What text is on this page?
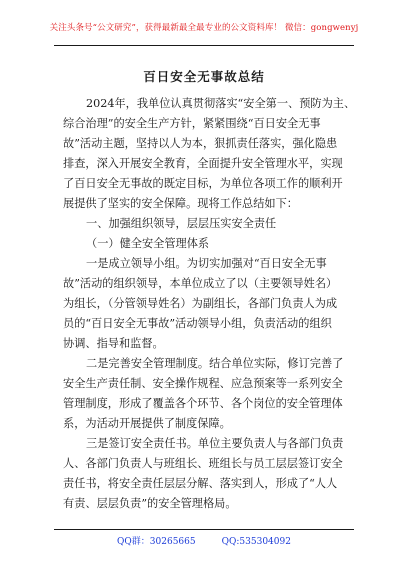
关注头条号“公文研究”，获得最新最全最专业的公文资料库！ 微信：gongwenyj
百日安全无事故总结
2024年，我单位认真贯彻落实“安全第一、预防为主、
综合治理”的安全生产方针，紧紧围绕“百日安全无事
故”活动主题，坚持以人为本，狠抓责任落实，强化隐患
排查，深入开展安全教育，全面提升安全管理水平，实现
了百日安全无事故的既定目标，为单位各项工作的顺利开
展提供了坚实的安全保障。现将工作总结如下：
一、加强组织领导，层层压实安全责任
（一）健全安全管理体系
一是成立领导小组。为切实加强对“百日安全无事
故”活动的组织领导，本单位成立了以（主要领导姓名）
为组长，（分管领导姓名）为副组长，各部门负责人为成
员的“百日安全无事故”活动领导小组，负责活动的组织
协调、指导和监督。
二是完善安全管理制度。结合单位实际，修订完善了
安全生产责任制、安全操作规程、应急预案等一系列安全
管理制度，形成了覆盖各个环节、各个岗位的安全管理体
系，为活动开展提供了制度保障。
三是签订安全责任书。单位主要负责人与各部门负责
人、各部门负责人与班组长、班组长与员工层层签订安全
责任书，将安全责任层层分解、落实到人，形成了“人人
有责、层层负责”的安全管理格局。
QQ群：30265665	QQ:535304092
